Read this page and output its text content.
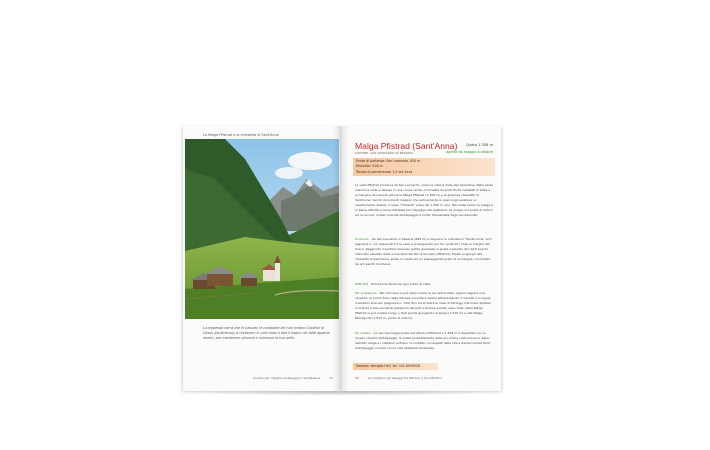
La Malga Pfistrad e la chiesetta di Sant'Anna
La leggenda narra che in passato le contadine del non lontano Gasthof di Gasse (Jaufenburg) si recassero in quei masi a fare il bagno nel latte appena munto, per mantenere giovane e luminosa la loro pelle.
Andare per malghe ed alpeggi in Val Passiria	70
Malga Pfistrad (Sant'Anna) Quota 1.358 m
COMUNE: SAN LEONARDO IN PASSIRIA	aperta da maggio a ottobre
Punto di partenza: San Leonardo, 830 m
Dislivello: 528 m
Tempo di percorrenza: 1,5 ore circa
La valle Pfistrad s'insinua da San Leonardo, verso la catena delle Alpi Sarentine. Nella parte interna la valle si allarga in una conca verde, circondata da prati fioriti costellati di baite e al margine dei pascoli spicca la Malga Pfistrad (1.358 m) e la graziosa chiesetta di Sant'Anna. Vecchi documenti rivelano che anticamente in quel luogo esisteva un insediamento stabile, il maso "Hinterst" (casa dei 1.358 m. sm). Nel mese estivo la malga è in piena attività e viene utilizzata per l'alpeggio del bestiame. La malga con poste di ristoro ed un piccolo museo rivende dell'alpeggio è molto frequentata dagli escursionisti.
Itinerario Da San Leonardo in Passiria (689 m) si seguono le indicazioni "Sankt Anna" ed il segnavia n. 13, passando fra le case e proseguendo poi fra i prati ed i masi ai margini del bosco. Raggiunto il sentiero boscoso (salita graduale) si gusta il silenzio dei ripidi boschi, intervallo salutato dalle scroscianti del Rio di Vicinato (Pfistrad). Presto si giunge alla chiesetta di Sant'Anna, posta in mezzo ad un pianeggiante prato di montagna, circondato da erti pendii montuosi.
Difficoltà Escursione facile da ogni punto di vista.
Per proseguire Per ritornare si può ripercorrere la via dell'andata, oppure seguire una variante: al primo bivio della discesa si svolta a destra attraversando il ruscello e si segue il sentiero boscoso (segnavia n. 13A) fino ad arrivare ai masi di Kartegg. Dal maso Spitaler si scende a San Leonardo passando davanti a diverse e belle case rurali. Dalla Malga Pfistrad si può risalire lungo i ripidi pendii giungendo al Giogo (2.310 m) e alla Malga Bärnsgrubl (1.875 m, punto di ristoro).
Da vedere La vecchia malga posta sull'altura di Pfistrad a 1.358 m è diventata ora un museo vivente dell'alpeggio. Si tratta probabilmente della più antica costruzione in legno dell'Alto Adige e i visitatori entrano in contatto con aspetti della vita e dell'economia tipici dell'alpeggio nonché con le sole abitative medievale.
Gestore: famiglia Hell, tel. 342 8559526
72	Le malghe e gli alpeggi tra Merano e San Martino
